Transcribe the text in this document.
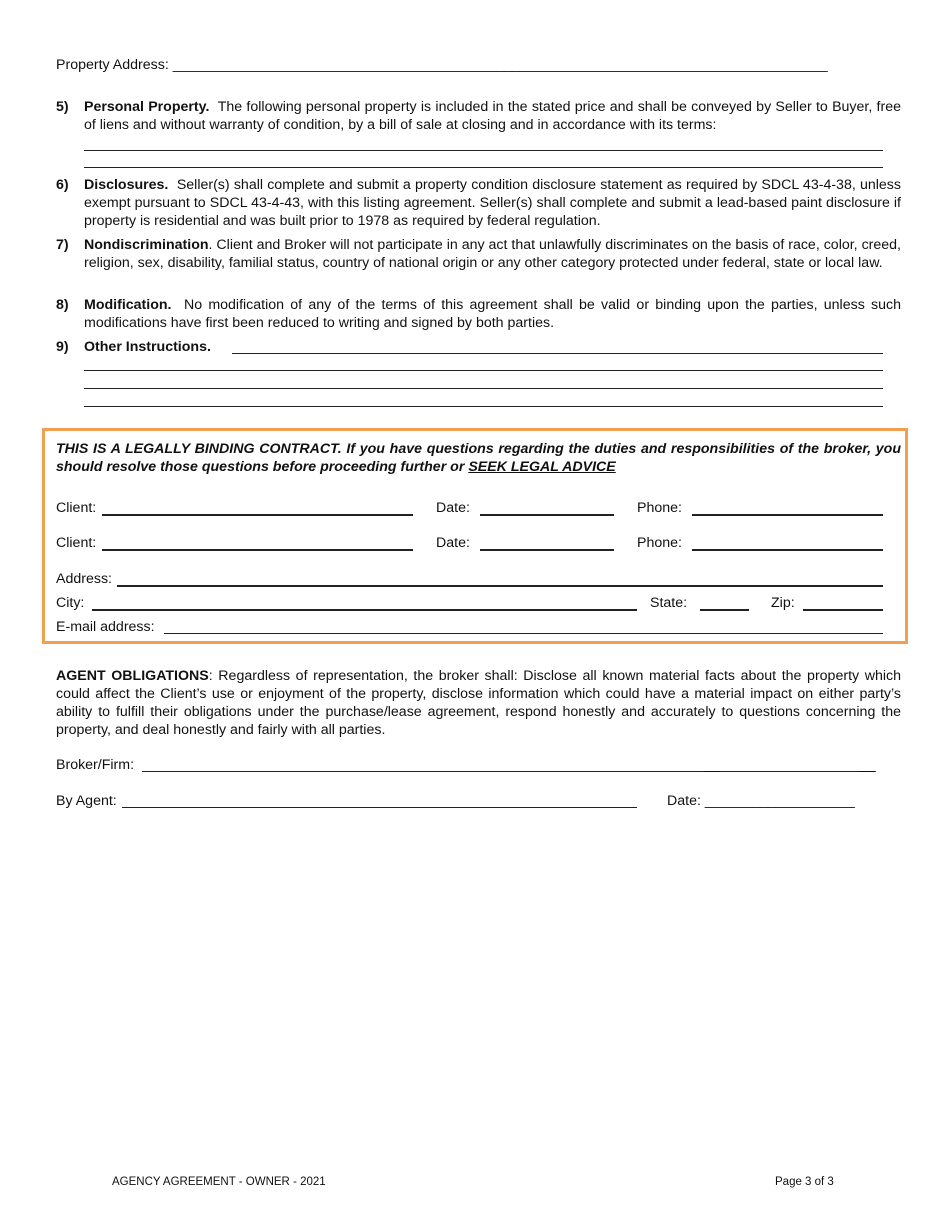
Property Address: ___________________________________________________________________________________
5) Personal Property. The following personal property is included in the stated price and shall be conveyed by Seller to Buyer, free of liens and without warranty of condition, by a bill of sale at closing and in accordance with its terms:
6) Disclosures. Seller(s) shall complete and submit a property condition disclosure statement as required by SDCL 43-4-38, unless exempt pursuant to SDCL 43-4-43, with this listing agreement. Seller(s) shall complete and submit a lead-based paint disclosure if property is residential and was built prior to 1978 as required by federal regulation.
7) Nondiscrimination. Client and Broker will not participate in any act that unlawfully discriminates on the basis of race, color, creed, religion, sex, disability, familial status, country of national origin or any other category protected under federal, state or local law.
8) Modification. No modification of any of the terms of this agreement shall be valid or binding upon the parties, unless such modifications have first been reduced to writing and signed by both parties.
9) Other Instructions.
THIS IS A LEGALLY BINDING CONTRACT. If you have questions regarding the duties and responsibilities of the broker, you should resolve those questions before proceeding further or SEEK LEGAL ADVICE
Client:	Date:	Phone:
Client:	Date:	Phone:
Address:
City:	State:	Zip:
E-mail address:
AGENT OBLIGATIONS: Regardless of representation, the broker shall: Disclose all known material facts about the property which could affect the Client’s use or enjoyment of the property, disclose information which could have a material impact on either party’s ability to fulfill their obligations under the purchase/lease agreement, respond honestly and accurately to questions concerning the property, and deal honestly and fairly with all parties.
Broker/Firm:	__	__
By Agent:	Date: ___________________
AGENCY AGREEMENT - OWNER - 2021	Page 3 of 3
